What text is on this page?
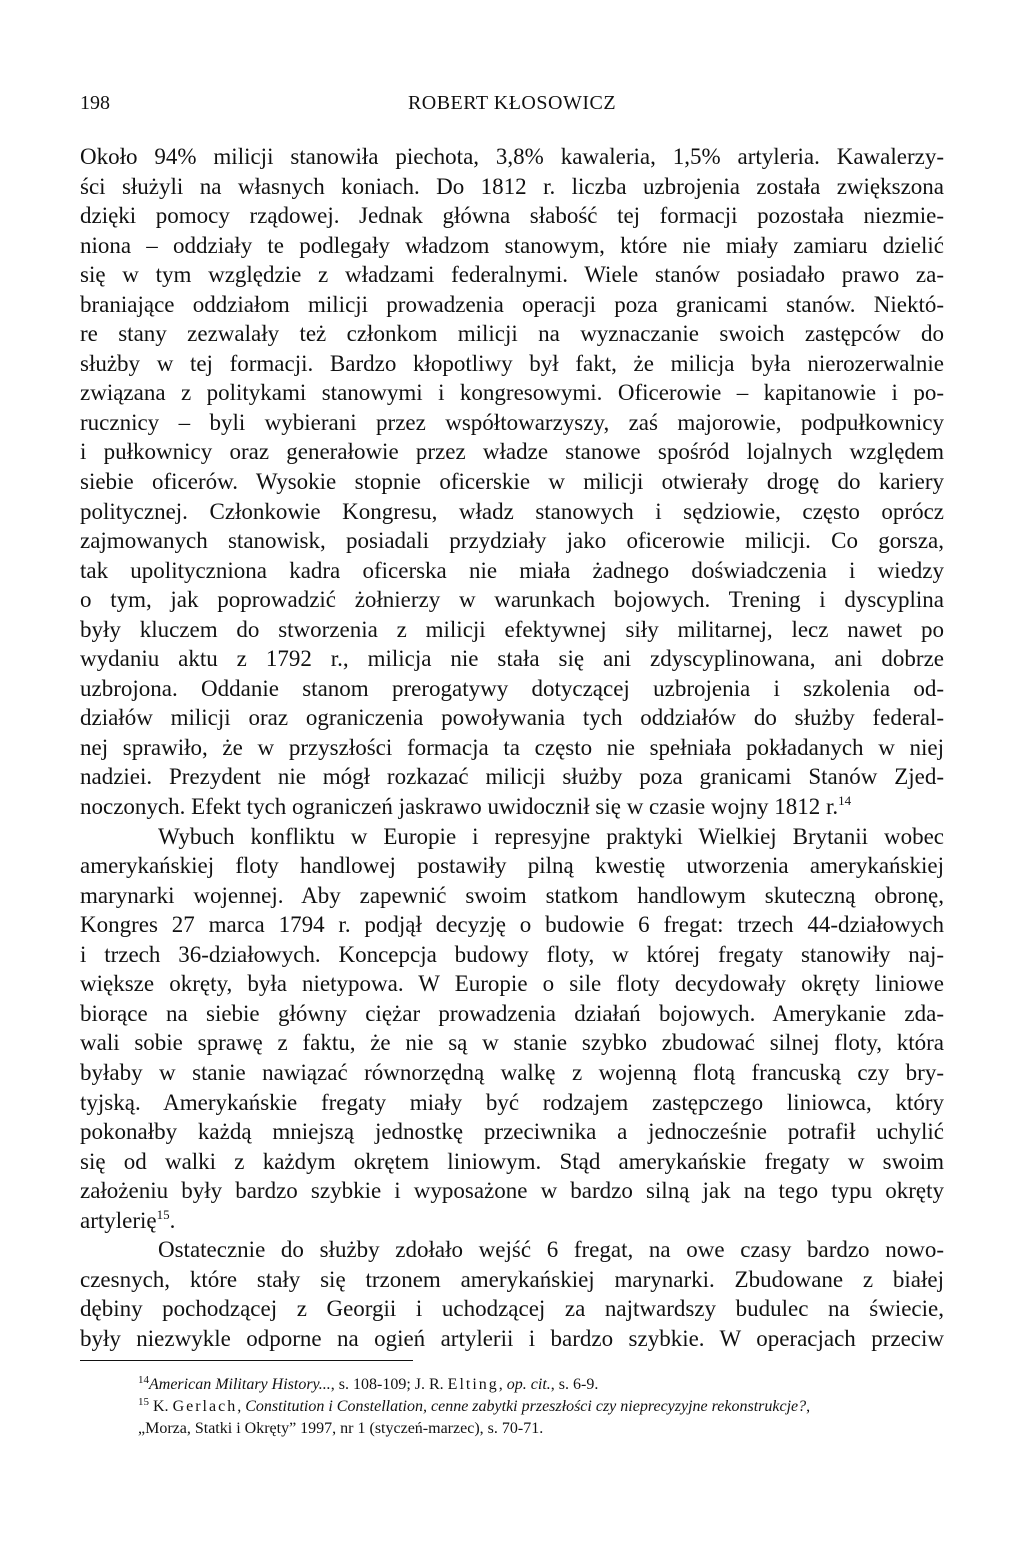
198	ROBERT KŁOSOWICZ
Około 94% milicji stanowiła piechota, 3,8% kawaleria, 1,5% artyleria. Kawalerzy-
ści służyli na własnych koniach. Do 1812 r. liczba uzbrojenia została zwiększona
dzięki pomocy rządowej. Jednak główna słabość tej formacji pozostała niezmie-
niona – oddziały te podlegały władzom stanowym, które nie miały zamiaru dzielić
się w tym względzie z władzami federalnymi. Wiele stanów posiadało prawo za-
braniające oddziałom milicji prowadzenia operacji poza granicami stanów. Niektó-
re stany zezwalały też członkom milicji na wyznaczanie swoich zastępców do
służby w tej formacji. Bardzo kłopotliwy był fakt, że milicja była nierozerwalnie
związana z politykami stanowymi i kongresowymi. Oficerowie – kapitanowie i po-
rucznicy – byli wybierani przez współtowarzyszy, zaś majorowie, podpułkownicy
i pułkownicy oraz generałowie przez władze stanowe spośród lojalnych względem
siebie oficerów. Wysokie stopnie oficerskie w milicji otwierały drogę do kariery
politycznej. Członkowie Kongresu, władz stanowych i sędziowie, często oprócz
zajmowanych stanowisk, posiadali przydziały jako oficerowie milicji. Co gorsza,
tak upolityczniona kadra oficerska nie miała żadnego doświadczenia i wiedzy
o tym, jak poprowadzić żołnierzy w warunkach bojowych. Trening i dyscyplina
były kluczem do stworzenia z milicji efektywnej siły militarnej, lecz nawet po
wydaniu aktu z 1792 r., milicja nie stała się ani zdyscyplinowana, ani dobrze
uzbrojona. Oddanie stanom prerogatywy dotyczącej uzbrojenia i szkolenia od-
działów milicji oraz ograniczenia powoływania tych oddziałów do służby federal-
nej sprawiło, że w przyszłości formacja ta często nie spełniała pokładanych w niej
nadziei. Prezydent nie mógł rozkazać milicji służby poza granicami Stanów Zjed-
noczonych. Efekt tych ograniczeń jaskrawo uwidocznił się w czasie wojny 1812 r.$^{14}$
Wybuch konfliktu w Europie i represyjne praktyki Wielkiej Brytanii wobec
amerykańskiej floty handlowej postawiły pilną kwestię utworzenia amerykańskiej
marynarki wojennej. Aby zapewnić swoim statkom handlowym skuteczną obronę,
Kongres 27 marca 1794 r. podjął decyzję o budowie 6 fregat: trzech 44-działowych
i trzech 36-działowych. Koncepcja budowy floty, w której fregaty stanowiły naj-
większe okręty, była nietypowa. W Europie o sile floty decydowały okręty liniowe
biorące na siebie główny ciężar prowadzenia działań bojowych. Amerykanie zda-
wali sobie sprawę z faktu, że nie są w stanie szybko zbudować silnej floty, która
byłaby w stanie nawiązać równorzędną walkę z wojenną flotą francuską czy bry-
tyjską. Amerykańskie fregaty miały być rodzajem zastępczego liniowca, który
pokonałby każdą mniejszą jednostkę przeciwnika a jednocześnie potrafił uchylić
się od walki z każdym okrętem liniowym. Stąd amerykańskie fregaty w swoim
założeniu były bardzo szybkie i wyposażone w bardzo silną jak na tego typu okręty
artylerię$^{15}$.
Ostatecznie do służby zdołało wejść 6 fregat, na owe czasy bardzo nowo-
czesnych, które stały się trzonem amerykańskiej marynarki. Zbudowane z białej
dębiny pochodzącej z Georgii i uchodzącej za najtwardszy budulec na świecie,
były niezwykle odporne na ogień artylerii i bardzo szybkie. W operacjach przeciw
$^{14}$American Military History..., s. 108-109; J. R. Elting, op. cit., s. 6-9.
$^{15}$ K. Gerlach, Constitution i Constellation, cenne zabytki przeszłości czy nieprecyzyjne rekonstrukcje?,
„Morza, Statki i Okręty” 1997, nr 1 (styczeń-marzec), s. 70-71.
